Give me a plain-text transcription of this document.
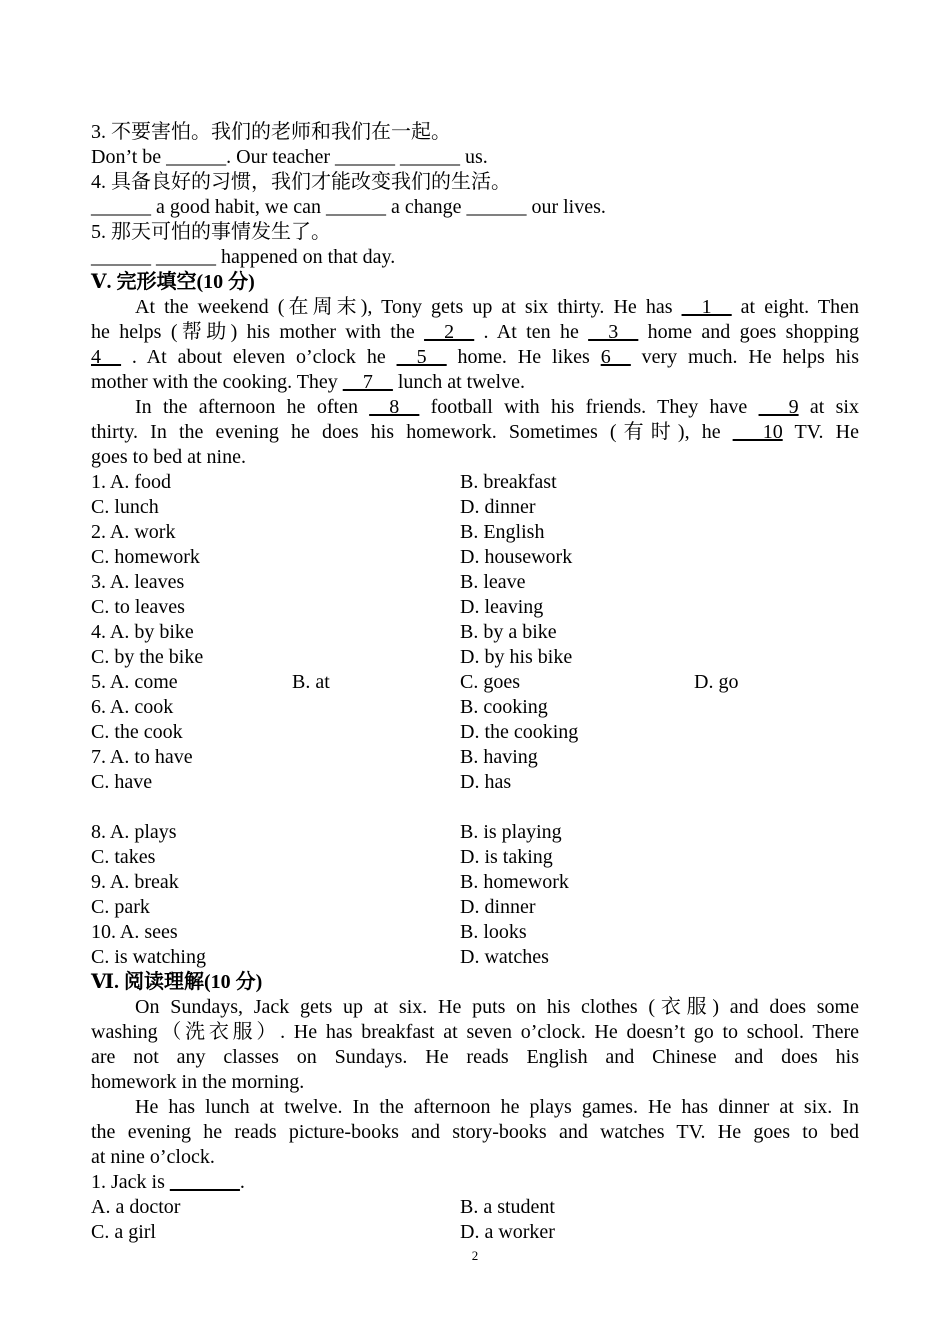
3. 不要害怕。我们的老师和我们在一起。
Don’t be ______. Our teacher ______ ______ us.
4. 具备良好的习惯，我们才能改变我们的生活。
______ a good habit, we can ______ a change ______ our lives.
5. 那天可怕的事情发生了。
______ ______ happened on that day.
Ⅴ. 完形填空(10 分)
At the weekend (在周末), Tony gets up at six thirty. He has __1__ at eight. Then
he helps (帮助) his mother with the __2__ . At ten he __3__ home and goes shopping
4__ . At about eleven o’clock he __5__ home. He likes 6__ very much. He helps his
mother with the cooking. They __7__ lunch at twelve.
In the afternoon he often __8__ football with his friends. They have ___9 at six
thirty. In the evening he does his homework. Sometimes (有时), he ___10 TV. He
goes to bed at nine.
1. A. food	B. breakfast
C. lunch	D. dinner
2. A. work	B. English
C. homework	D. housework
3. A. leaves	B. leave
C. to leaves	D. leaving
4. A. by bike	B. by a bike
C. by the bike	D. by his bike
5. A. come	B. at	C. goes	D. go
6. A. cook	B. cooking
C. the cook	D. the cooking
7. A. to have	B. having
C. have	D. has
8. A. plays	B. is playing
C. takes	D. is taking
9. A. break	B. homework
C. park	D. dinner
10. A. sees	B. looks
C. is watching	D. watches
Ⅵ. 阅读理解(10 分)
On Sundays, Jack gets up at six. He puts on his clothes (衣服) and does some
washing（洗衣服）. He has breakfast at seven o’clock. He doesn’t go to school. There
are not any classes on Sundays. He reads English and Chinese and does his
homework in the morning.
He has lunch at twelve. In the afternoon he plays games. He has dinner at six. In
the evening he reads picture-books and story-books and watches TV. He goes to bed
at nine o’clock.
1. Jack is _______.
A. a doctor	B. a student
C. a girl	D. a worker
2
